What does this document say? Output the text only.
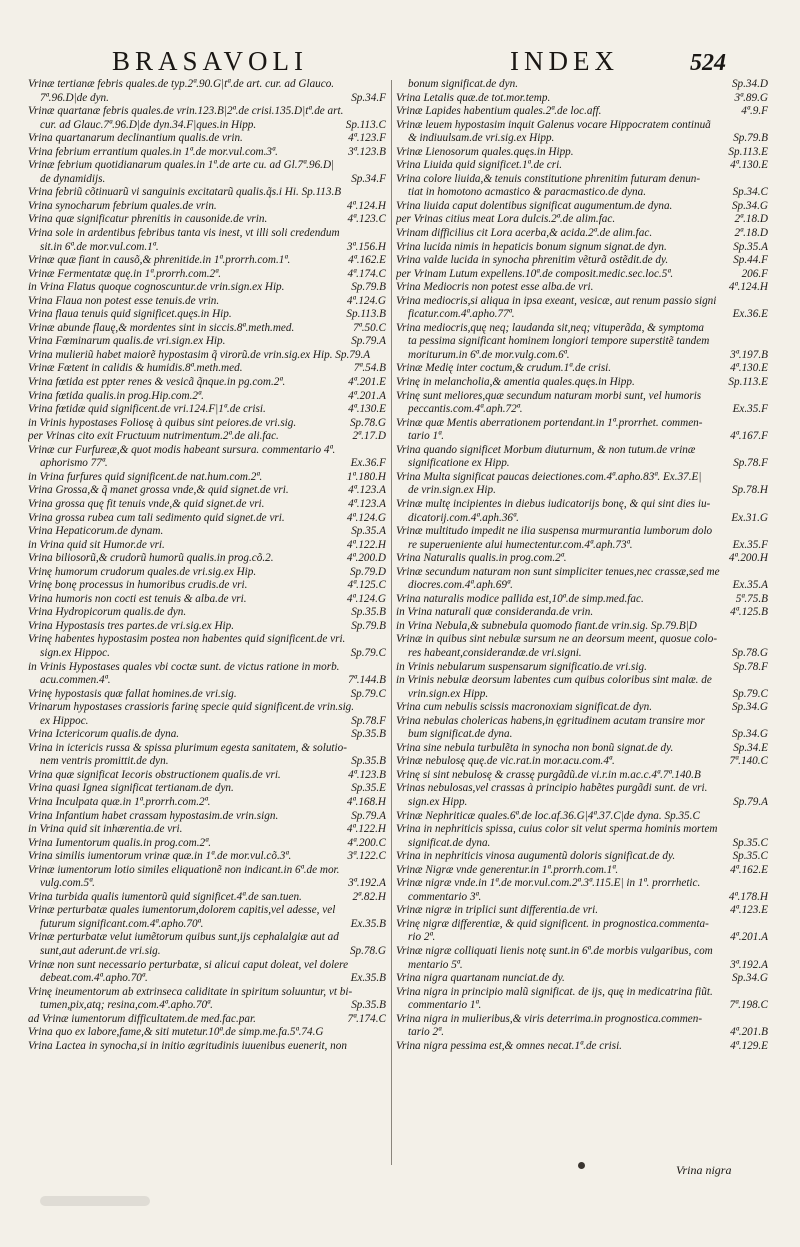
BRASAVOLI	INDEX	524
Vrinæ tertianæ febris quales.de typ.2ª.90.G|tª.de art. cur. ad Glauco.
Sp.34.F
7ª.96.D|de dyn.
Vrinæ quartanæ febris quales.de vrin.123.B|2ª.de crisi.135.D|tª.de art.
Sp.113.C
cur. ad Glauc.7ª.96.D|de dyn.34.F|ques.in Hipp.
4ª.123.F
Vrina quartanarum declinantium qualis.de vrin.
3ª.123.B
Vrina febrium errantium quales.in 1ª.de mor.vul.com.3ª.
Vrinæ febrium quotidianarum quales.in 1ª.de arte cu. ad Gl.7ª.96.D|
Sp.34.F
de dynamidijs.
Vrina febriũ cõtinuarũ vi sanguinis excitatarũ qualis.q̃s.i Hi. Sp.113.B
4ª.124.H
Vrina synocharum febrium quales.de vrin.
4ª.123.C
Vrina quæ significatur phrenitis in causonide.de vrin.
Vrina sole in ardentibus febribus tanta vis inest, vt illi soli credendum
3ª.156.H
sit.in 6ª.de mor.vul.com.1ª.
4ª.162.E
Vrinæ quæ fiant in causõ,& phrenitide.in 1ª.prorrh.com.1ª.
4ª.174.C
Vrinæ Fermentatæ quę.in 1ª.prorrh.com.2ª.
Sp.79.B
in Vrina Flatus quoque cognoscuntur.de vrin.sign.ex Hip.
4ª.124.G
Vrina Flaua non potest esse tenuis.de vrin.
Sp.113.B
Vrina flaua tenuis quid significet.quęs.in Hip.
7ª.50.C
Vrinæ abunde flauę,& mordentes sint in siccis.8ª.meth.med.
Sp.79.A
Vrina Fœminarum qualis.de vri.sign.ex Hip.
Vrina mulieriũ habet maiorẽ hypostasim q̃ virorũ.de vrin.sig.ex Hip. Sp.79.A
7ª.54.B
Vrinæ Fœtent in calidis & humidis.8ª.meth.med.
4ª.201.E
Vrina fœtida est ppter renes & vesicã q̃nque.in pg.com.2ª.
4ª.201.A
Vrina fœtida qualis.in prog.Hip.com.2ª.
4ª.130.E
Vrina fœtidæ quid significent.de vri.124.F|1ª.de crisi.
Sp.78.G
in Vrinis hypostases Foliosę à quibus sint peiores.de vri.sig.
2ª.17.D
per Vrinas cito exit Fructuum nutrimentum.2ª.de ali.fac.
Vrinæ cur Furfureæ,& quot modis habeant sursura. commentario 4ª.
Ex.36.F
aphorismo 77ª.
1ª.180.H
in Vrina furfures quid significent.de nat.hum.com.2ª.
4ª.123.A
Vrina Grossa,& q̃ manet grossa vnde,& quid signet.de vri.
4ª.123.A
Vrina grossa quę fit tenuis vnde,& quid signet.de vri.
4ª.124.G
Vrina grossa rubea cum tali sedimento quid signet.de vri.
Sp.35.A
Vrina Hepaticorum.de dynam.
4ª.122.H
in Vrina quid sit Humor.de vri.
4ª.200.D
Vrina biliosorũ,& crudorũ humorũ qualis.in prog.cõ.2.
Sp.79.D
Vrinę humorum crudorum quales.de vri.sig.ex Hip.
4ª.125.C
Vrinę bonę processus in humoribus crudis.de vri.
4ª.124.G
Vrina humoris non cocti est tenuis & alba.de vri.
Sp.35.B
Vrina Hydropicorum qualis.de dyn.
Sp.79.B
Vrina Hypostasis tres partes.de vri.sig.ex Hip.
Vrinę habentes hypostasim postea non habentes quid significent.de vri.
Sp.79.C
sign.ex Hippoc.
in Vrinis Hypostases quales vbi coctæ sunt. de victus ratione in morb.
7ª.144.B
acu.commen.4ª.
Sp.79.C
Vrinę hypostasis quæ fallat homines.de vri.sig.
Vrinarum hypostases crassioris farinę specie quid significent.de vrin.sig.
Sp.78.F
ex Hippoc.
Sp.35.B
Vrina Ictericorum qualis.de dyna.
Vrina in ictericis russa & spissa plurimum egesta sanitatem, & solutio-
Sp.35.B
nem ventris promittit.de dyn.
4ª.123.B
Vrina quæ significat Iecoris obstructionem qualis.de vri.
Sp.35.E
Vrina quasi Ignea significat tertianam.de dyn.
4ª.168.H
Vrina Inculpata quæ.in 1ª.prorrh.com.2ª.
Sp.79.A
Vrina Infantium habet crassam hypostasim.de vrin.sign.
4ª.122.H
in Vrina quid sit inhærentia.de vri.
4ª.200.C
Vrina Iumentorum qualis.in prog.com.2ª.
3ª.122.C
Vrina similis iumentorum vrinæ quæ.in 1ª.de mor.vul.cõ.3ª.
Vrinæ iumentorum lotio similes eliquationẽ non indicant.in 6ª.de mor.
3ª.192.A
vulg.com.5ª.
2ª.82.H
Vrina turbida qualis iumentorũ quid significet.4ª.de san.tuen.
Vrinæ perturbatæ quales iumentorum,dolorem capitis,vel adesse, vel
Ex.35.B
futurum significant.com.4ª.apho.70ª.
Vrinæ perturbatæ velut iumẽtorum quibus sunt,ijs cephalalgiæ aut ad
Sp.78.G
sunt,aut aderunt.de vri.sig.
Vrinæ non sunt necessario perturbatæ, si alicui caput doleat, vel dolere
Ex.35.B
debeat.com.4ª.apho.70ª.
Vrinę ineumentorum ab extrinseca caliditate in spiritum soluuntur, vt bi-
Sp.35.B
tumen,pix,atq; resina,com.4ª.apho.70ª.
7ª.174.C
ad Vrinæ iumentorum difficultatem.de med.fac.par.
Vrina quo ex labore,fame,& siti mutetur.10ª.de simp.me.fa.5ª.74.G
Vrina Lactea in synocha,si in initio ægritudinis iuuenibus euenerit, non
Sp.34.D
bonum significat.de dyn.
3ª.89.G
Vrina Letalis quæ.de tot.mor.temp.
4ª.9.F
Vrinæ Lapides habentium quales.2ª.de loc.aff.
Vrinæ leuem hypostasim inquit Galenus vocare Hippocratem continuã
Sp.79.B
& indiuulsam.de vri.sig.ex Hipp.
Sp.113.E
Vrinæ Lienosorum quales.quęs.in Hipp.
4ª.130.E
Vrina Liuida quid significet.1ª.de cri.
Vrina colore liuida,& tenuis constitutione phrenitim futuram denun-
Sp.34.C
tiat in homotono acmastico & paracmastico.de dyna.
Sp.34.G
Vrina liuida caput dolentibus significat augumentum.de dyna.
2ª.18.D
per Vrinas citius meat Lora dulcis.2ª.de alim.fac.
2ª.18.D
Vrinam difficilius cit Lora acerba,& acida.2ª.de alim.fac.
Sp.35.A
Vrina lucida nimis in hepaticis bonum signum signat.de dyn.
Sp.44.F
Vrina valde lucida in synocha phrenitim vẽturã ostẽdit.de dy.
206.F
per Vrinam Lutum expellens.10ª.de composit.medic.sec.loc.5ª.
4ª.124.H
Vrina Mediocris non potest esse alba.de vri.
Vrina mediocris,si aliqua in ipsa exeant, vesicæ, aut renum passio signi
Ex.36.E
ficatur.com.4ª.apho.77ª.
Vrina mediocris,quę neq; laudanda sit,neq; vituperãda, & symptoma
ta pessima significant hominem longiori tempore superstitẽ tandem
3ª.197.B
moriturum.in 6ª.de mor.vulg.com.6ª.
4ª.130.E
Vrinæ Medię inter coctum,& crudum.1ª.de crisi.
Sp.113.E
Vrinę in melancholia,& amentia quales.quęs.in Hipp.
Vrinę sunt meliores,quæ secundum naturam morbi sunt, vel humoris
Ex.35.F
peccantis.com.4ª.aph.72ª.
Vrinæ quæ Mentis aberrationem portendant.in 1ª.prorrhet. commen-
4ª.167.F
tario 1ª.
Vrina quando significet Morbum diuturnum, & non tutum.de vrinæ
Sp.78.F
significatione ex Hipp.
Vrina Multa significat paucas deiectiones.com.4ª.apho.83ª. Ex.37.E|
Sp.78.H
de vrin.sign.ex Hip.
Vrinæ multę incipientes in diebus iudicatorijs bonę, & qui sint dies iu-
Ex.31.G
dicatorij.com.4ª.aph.36ª.
Vrinæ multitudo impedit ne ilia suspensa murmurantia lumborum dolo
Ex.35.F
re superueniente alui humectentur.com.4ª.aph.73ª.
4ª.200.H
Vrina Naturalis qualis.in prog.com.2ª.
Vrinæ secundum naturam non sunt simpliciter tenues,nec crassæ,sed me
Ex.35.A
diocres.com.4ª.aph.69ª.
5ª.75.B
Vrina naturalis modice pallida est,10ª.de simp.med.fac.
4ª.125.B
in Vrina naturali quæ consideranda.de vrin.
in Vrina Nebula,& subnebula quomodo fiant.de vrin.sig. Sp.79.B|D
Vrinæ in quibus sint nebulæ sursum ne an deorsum meent, quosue colo-
Sp.78.G
res habeant,considerandæ.de vri.signi.
Sp.78.F
in Vrinis nebularum suspensarum significatio.de vri.sig.
in Vrinis nebulæ deorsum labentes cum quibus coloribus sint malæ. de
Sp.79.C
vrin.sign.ex Hipp.
Sp.34.G
Vrina cum nebulis scissis macronoxiam significat.de dyn.
Vrina nebulas cholericas habens,in ęgritudinem acutam transire mor
Sp.34.G
bum significat.de dyna.
Sp.34.E
Vrina sine nebula turbulẽta in synocha non bonũ signat.de dy.
7ª.140.C
Vrinæ nebulosę quę.de vic.rat.in mor.acu.com.4ª.
Vrinę si sint nebulosę & crassę purgãdũ.de vi.r.in m.ac.c.4ª.7ª.140.B
Vrinas nebulosas,vel crassas à principio habẽtes purgãdi sunt. de vri.
Sp.79.A
sign.ex Hipp.
Vrinæ Nephriticæ quales.6ª.de loc.af.36.G|4ª.37.C|de dyna. Sp.35.C
Vrina in nephriticis spissa, cuius color sit velut sperma hominis mortem
Sp.35.C
significat.de dyna.
Sp.35.C
Vrina in nephriticis vinosa augumentũ doloris significat.de dy.
4ª.162.E
Vrinæ Nigræ vnde generentur.in 1ª.prorrh.com.1ª.
Vrinæ nigræ vnde.in 1ª.de mor.vul.com.2ª.3ª.115.E| in 1ª. prorrhetic.
4ª.178.H
commentario 3ª.
4ª.123.E
Vrinæ nigræ in triplici sunt differentia.de vri.
Vrinę nigræ differentiæ, & quid significent. in prognostica.commenta-
4ª.201.A
rio 2ª.
Vrinæ nigræ colliquati lienis notę sunt.in 6ª.de morbis vulgaribus, com
3ª.192.A
mentario 5ª.
Sp.34.G
Vrina nigra quartanam nunciat.de dy.
Vrina nigra in principio malũ significat. de ijs, quę in medicatrina fiũt.
7ª.198.C
commentario 1ª.
Vrina nigra in mulieribus,& viris deterrima.in prognostica.commen-
4ª.201.B
tario 2ª.
4ª.129.E
Vrina nigra pessima est,& omnes necat.1ª.de crisi.
Vrina nigra
